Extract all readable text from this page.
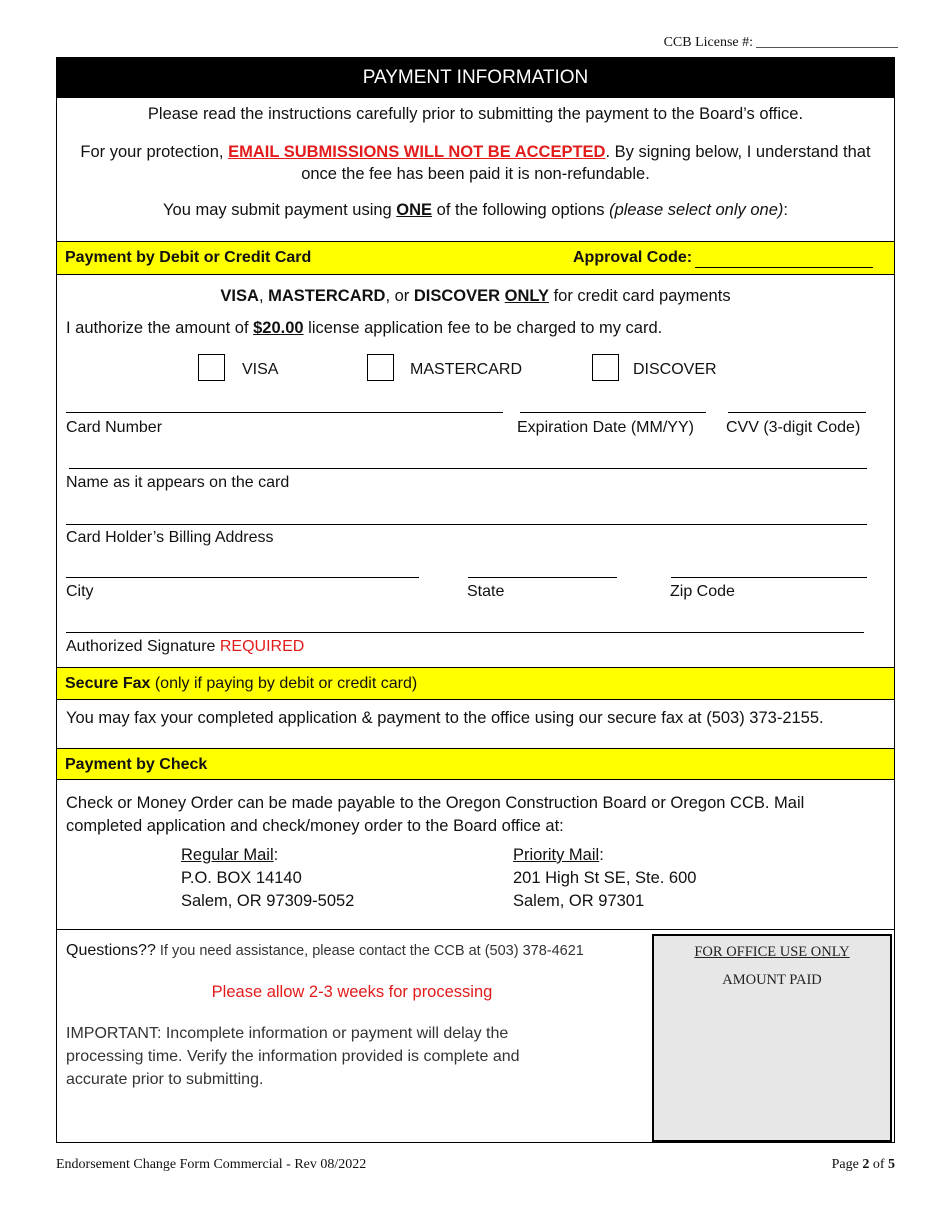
CCB License #:
PAYMENT INFORMATION
Please read the instructions carefully prior to submitting the payment to the Board’s office.
For your protection, EMAIL SUBMISSIONS WILL NOT BE ACCEPTED. By signing below, I understand that
once the fee has been paid it is non-refundable.
You may submit payment using ONE of the following options (please select only one):
Payment by Debit or Credit Card	Approval Code:
VISA, MASTERCARD, or DISCOVER ONLY for credit card payments
I authorize the amount of $20.00 license application fee to be charged to my card.
VISA	MASTERCARD	DISCOVER
Card Number	Expiration Date (MM/YY) CVV (3-digit Code)
Name as it appears on the card
Card Holder’s Billing Address
City	State	Zip Code
Authorized Signature REQUIRED
Secure Fax (only if paying by debit or credit card)
You may fax your completed application & payment to the office using our secure fax at (503) 373-2155.
Payment by Check
Check or Money Order can be made payable to the Oregon Construction Board or Oregon CCB. Mail
completed application and check/money order to the Board office at:
Regular Mail:
P.O. BOX 14140
Salem, OR 97309-5052
Priority Mail:
201 High St SE, Ste. 600
Salem, OR 97301
Questions?? If you need assistance, please contact the CCB at (503) 378-4621
Please allow 2-3 weeks for processing
IMPORTANT: Incomplete information or payment will delay the
processing time. Verify the information provided is complete and
accurate prior to submitting.
FOR OFFICE USE ONLY
AMOUNT PAID
Endorsement Change Form Commercial - Rev 08/2022	Page 2 of 5
